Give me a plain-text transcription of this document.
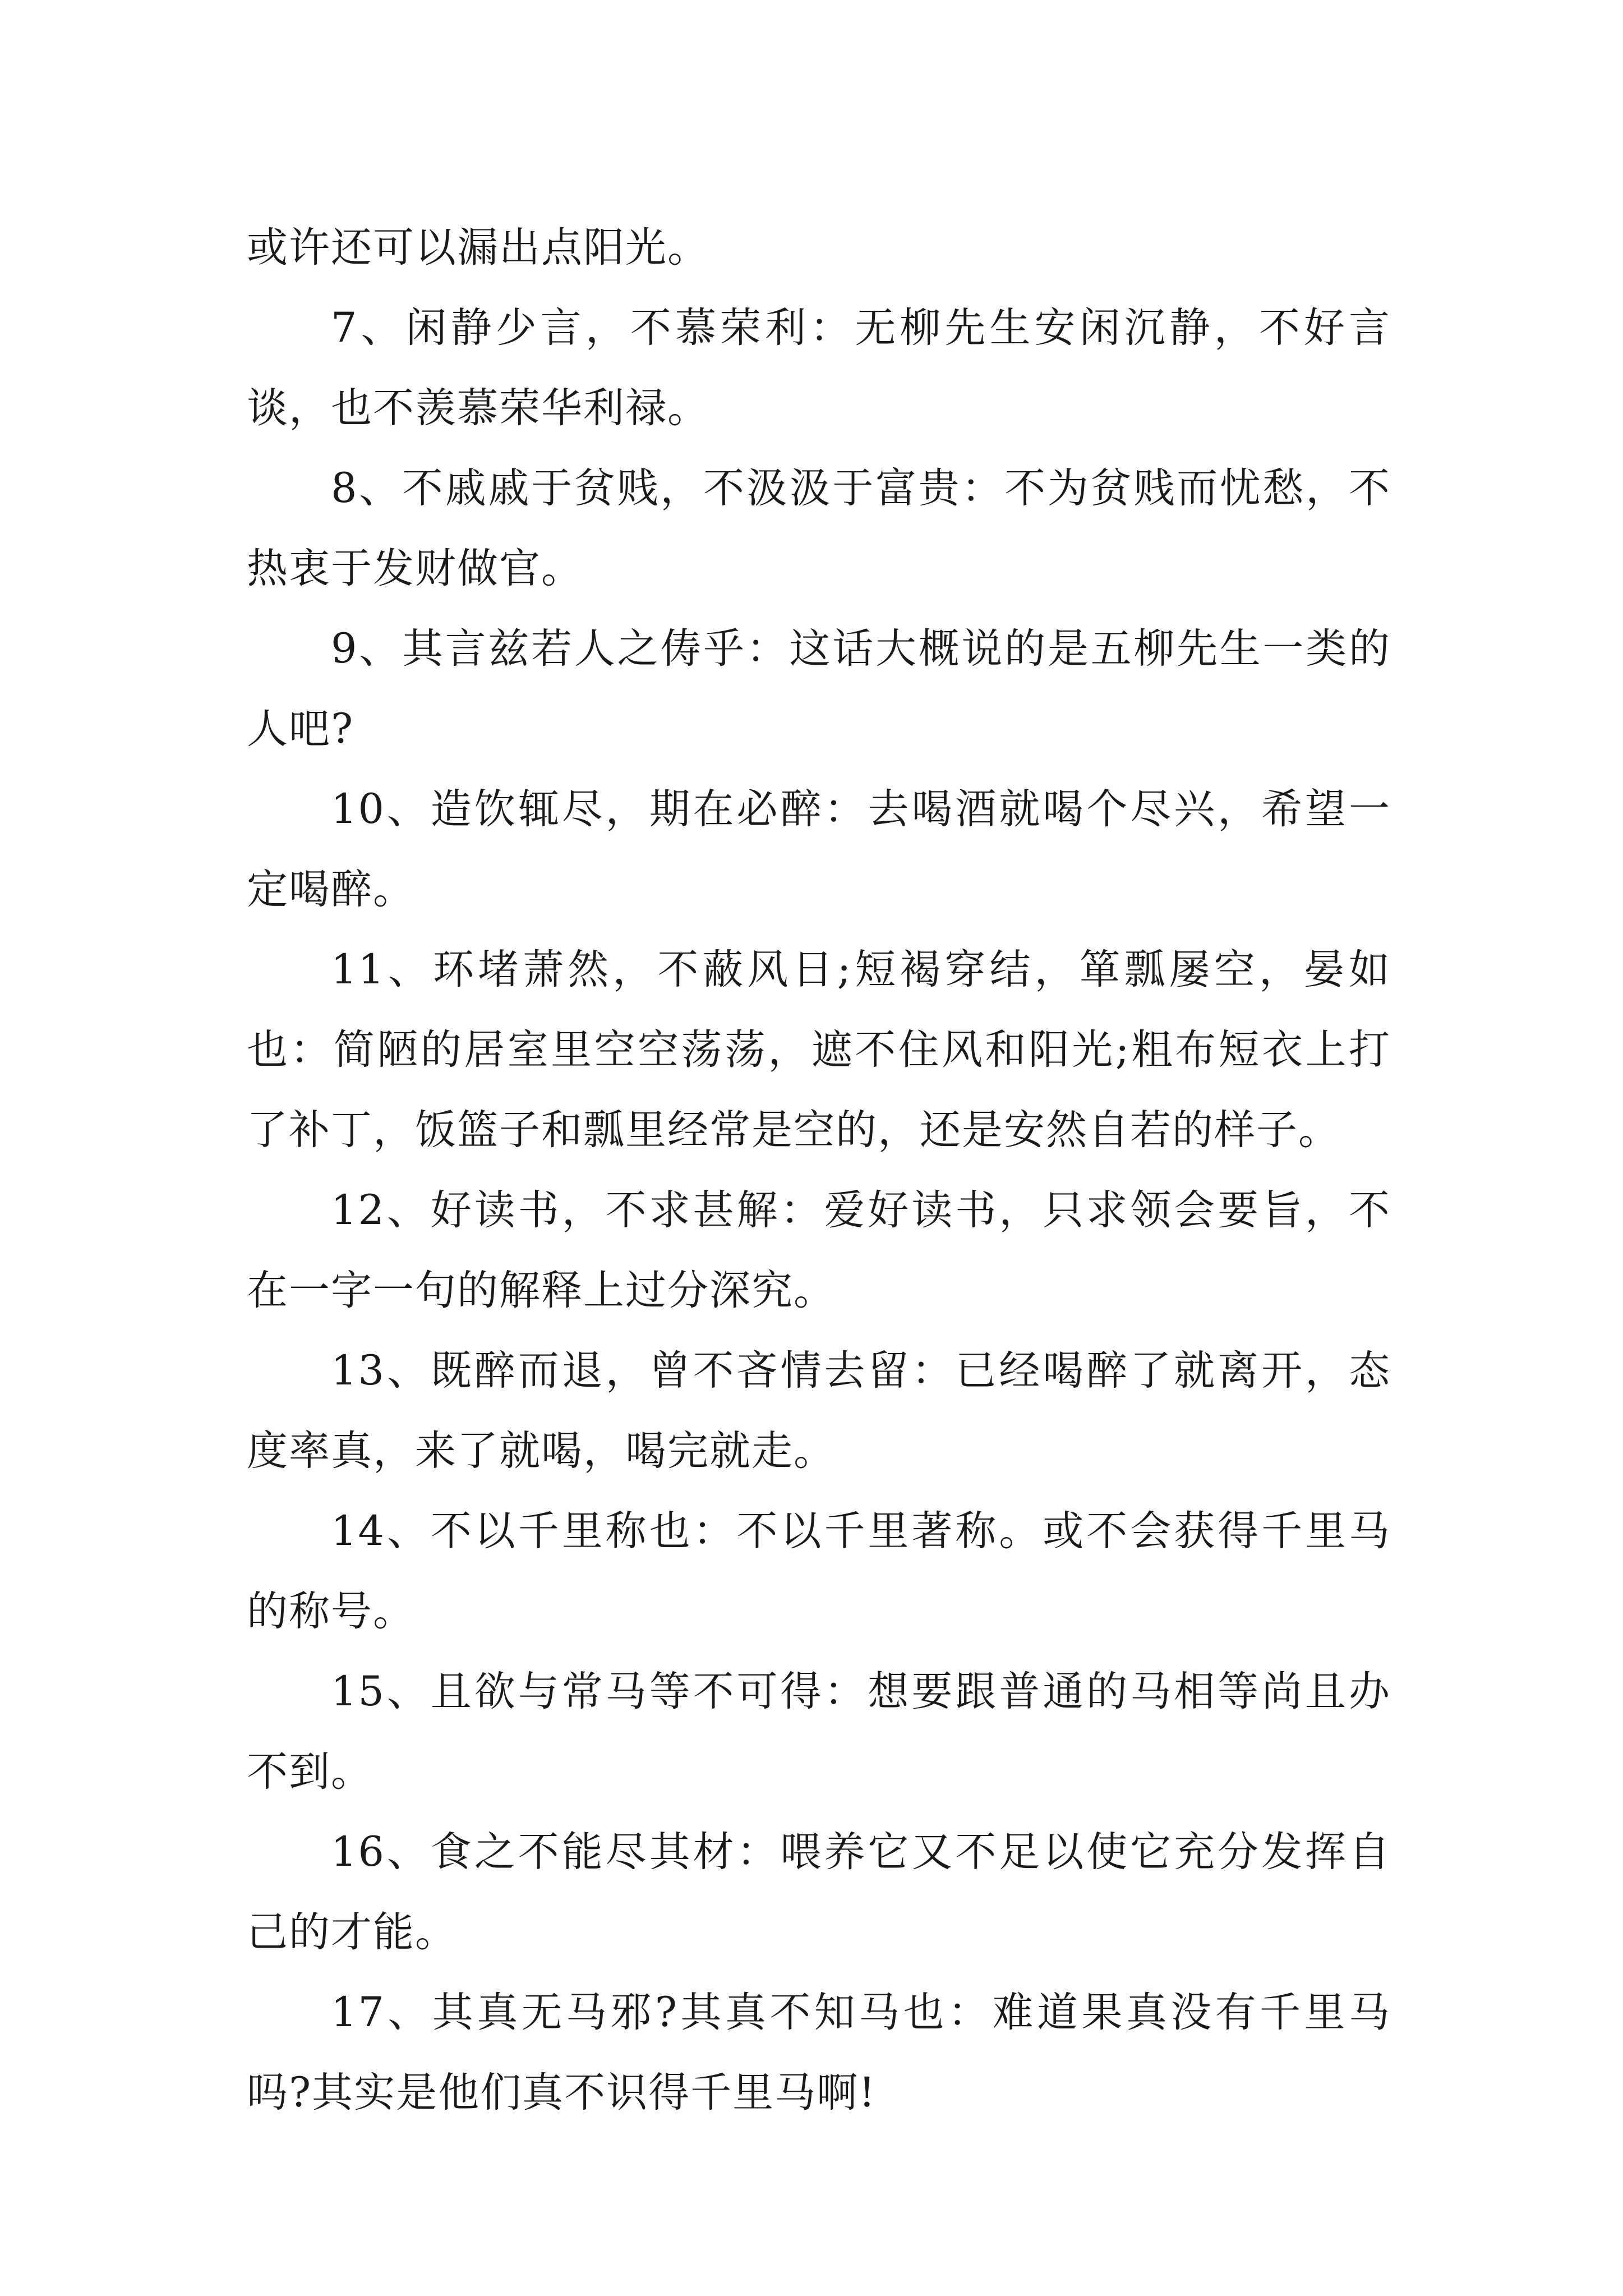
或许还可以漏出点阳光。

7、闲静少言，不慕荣利：无柳先生安闲沉静，不好言谈，也不羡慕荣华利禄。

8、不戚戚于贫贱，不汲汲于富贵：不为贫贱而忧愁，不热衷于发财做官。

9、其言兹若人之俦乎：这话大概说的是五柳先生一类的人吧?

10、造饮辄尽，期在必醉：去喝酒就喝个尽兴，希望一定喝醉。

11、环堵萧然，不蔽风日;短褐穿结，箪瓢屡空，晏如也：简陋的居室里空空荡荡，遮不住风和阳光;粗布短衣上打了补丁，饭篮子和瓢里经常是空的，还是安然自若的样子。

12、好读书，不求甚解：爱好读书，只求领会要旨，不在一字一句的解释上过分深究。

13、既醉而退，曾不吝情去留：已经喝醉了就离开，态度率真，来了就喝，喝完就走。

14、不以千里称也：不以千里著称。或不会获得千里马的称号。

15、且欲与常马等不可得：想要跟普通的马相等尚且办不到。

16、食之不能尽其材：喂养它又不足以使它充分发挥自己的才能。

17、其真无马邪?其真不知马也：难道果真没有千里马吗?其实是他们真不识得千里马啊!
